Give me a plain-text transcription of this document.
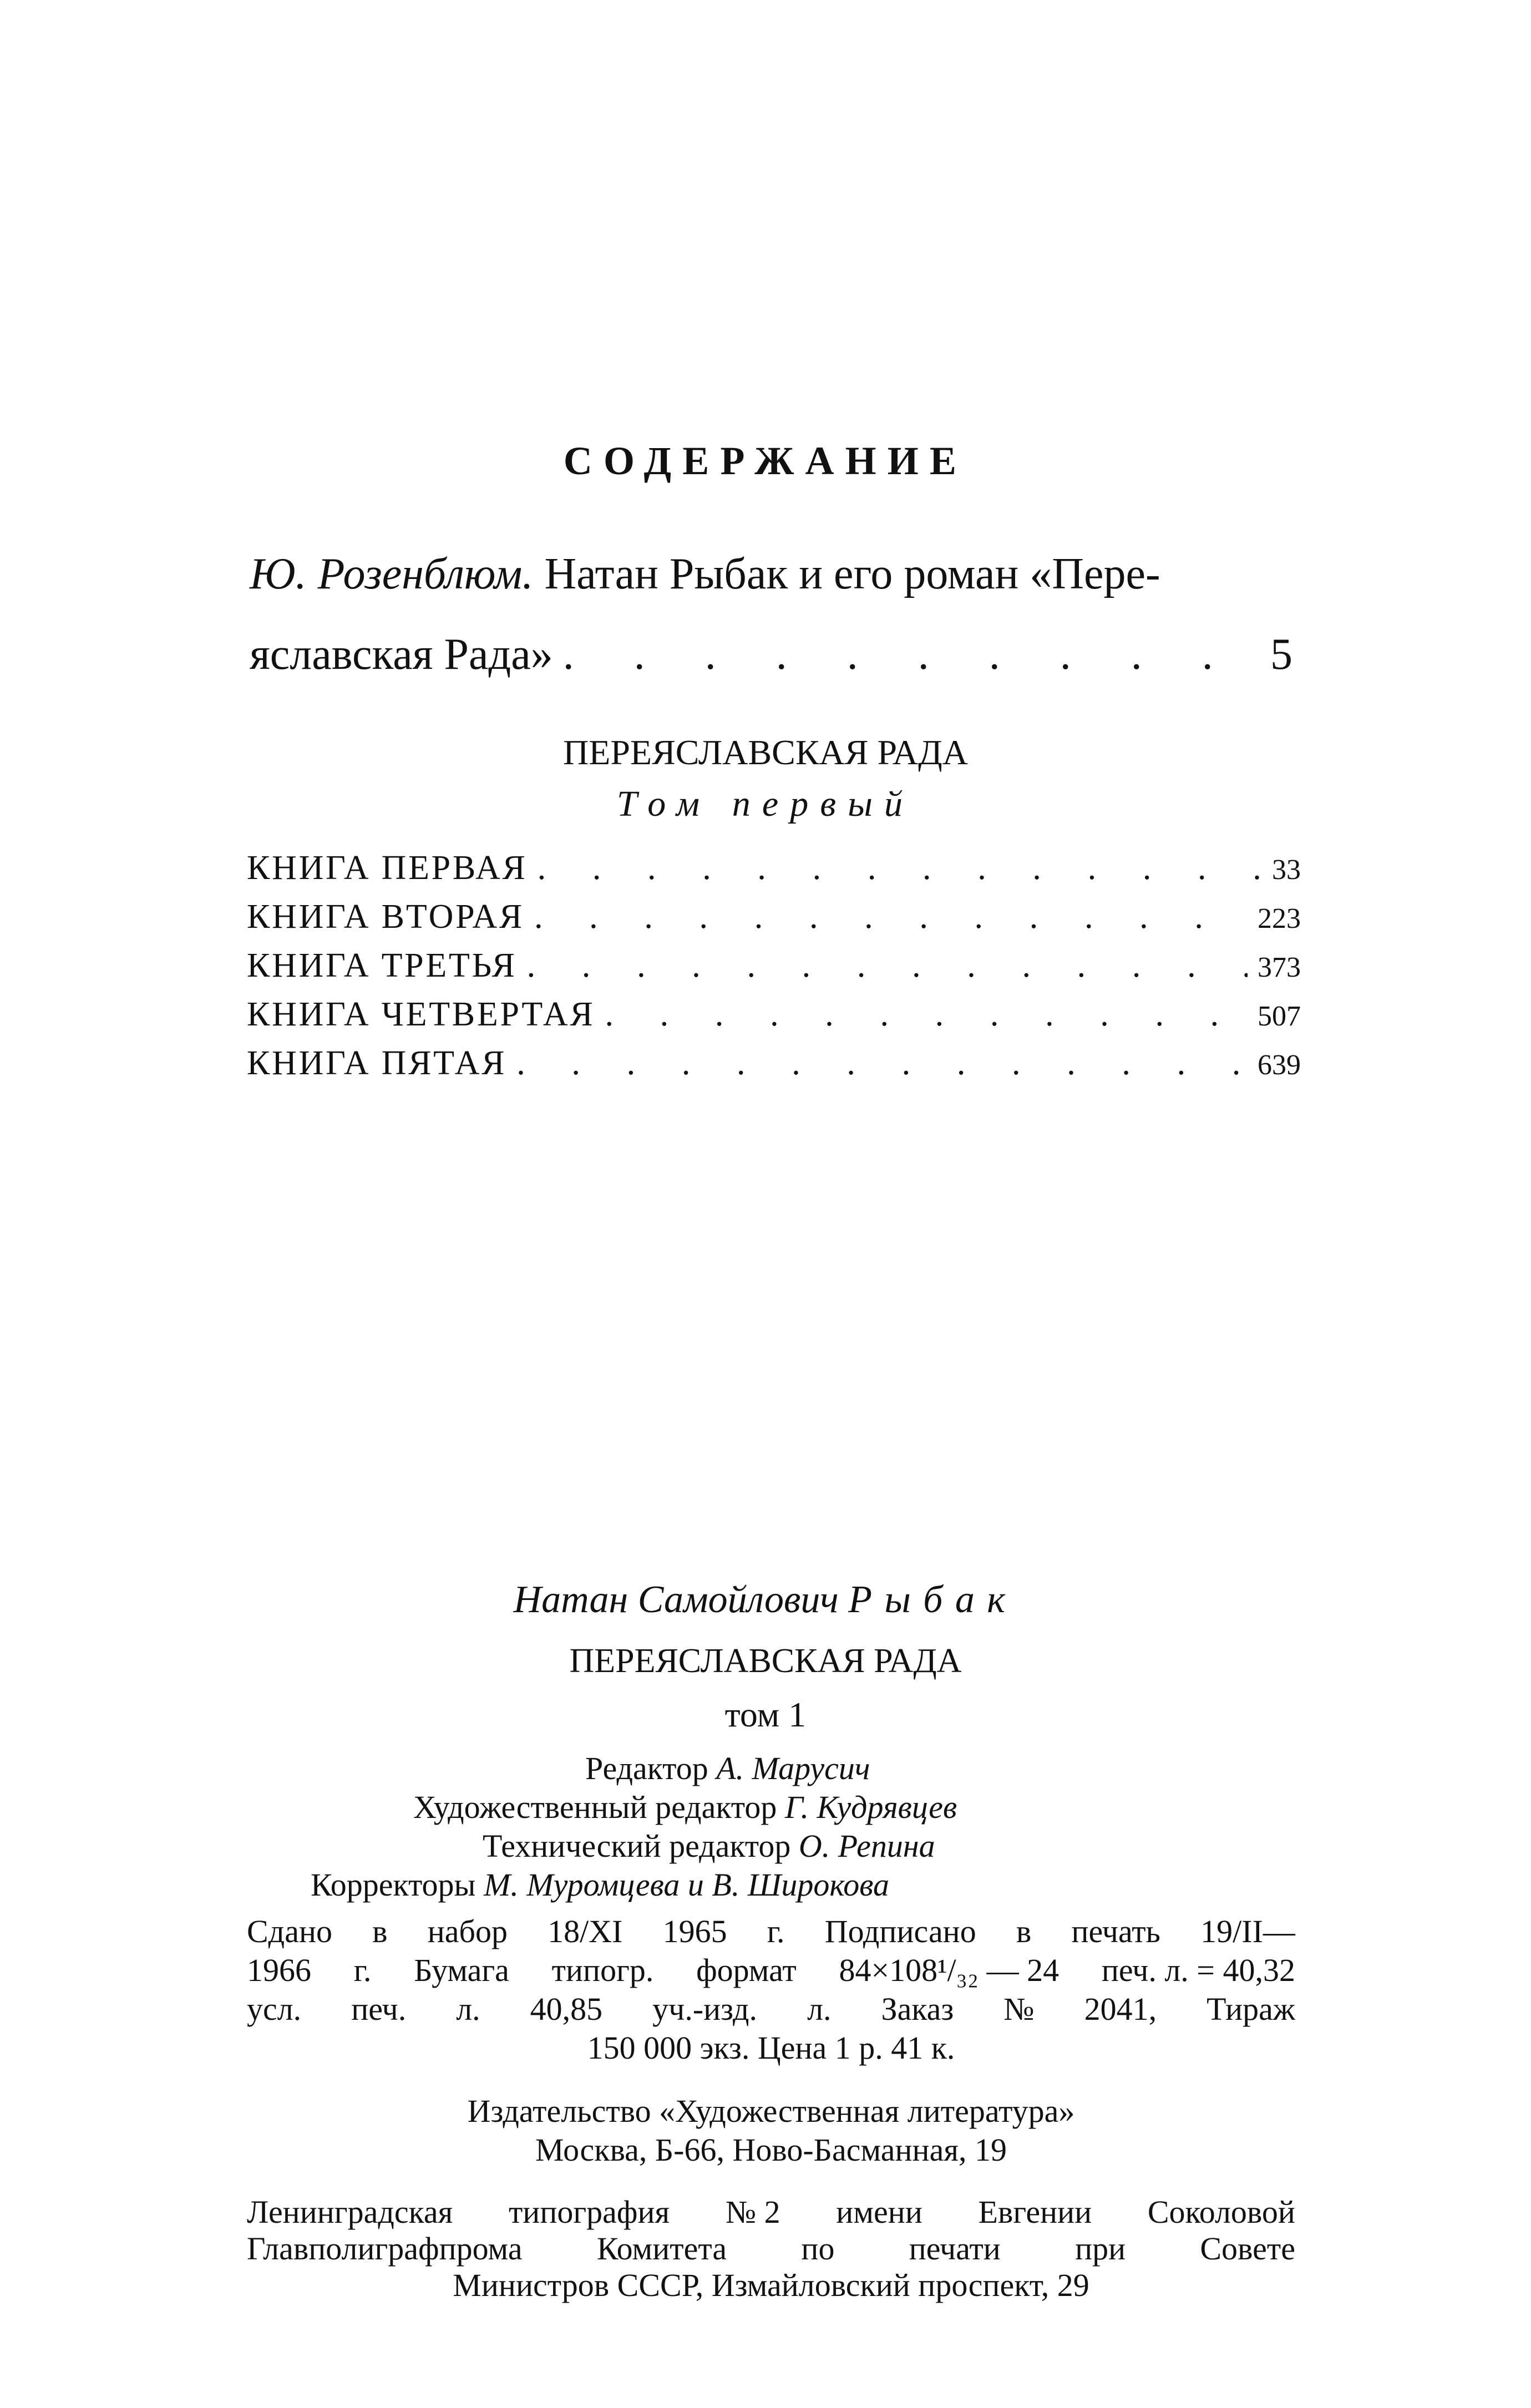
СОДЕРЖАНИЕ
Ю. Розенблюм. Натан Рыбак и его роман «Пере-
яславская Рада» . . .	5
ПЕРЕЯСЛАВСКАЯ РАДА
Том первый
КНИГА ПЕРВАЯ . . .	33
КНИГА ВТОРАЯ . . .	223
КНИГА ТРЕТЬЯ . . .	373
КНИГА ЧЕТВЕРТАЯ . . .	507
КНИГА ПЯТАЯ . . .	639
Натан Самойлович Рыбак
ПЕРЕЯСЛАВСКАЯ РАДА
том 1
Редактор А. Марусич
Художественный редактор Г. Кудрявцев
Технический редактор О. Репина
Корректоры М. Муромцева и В. Широкова
Сдано в набор 18/XI 1965 г. Подписано в печать 19/II—
1966 г. Бумага типогр. формат 84×108¹/₃₂ — 24 печ. л. = 40,32
усл. печ. л. 40,85 уч.-изд. л. Заказ № 2041, Тираж
150 000 экз. Цена 1 р. 41 к.
Издательство «Художественная литература»
Москва, Б-66, Ново-Басманная, 19
Ленинградская типография № 2 имени Евгении Соколовой
Главполиграфпрома Комитета по печати при Совете
Министров СССР, Измайловский проспект, 29
